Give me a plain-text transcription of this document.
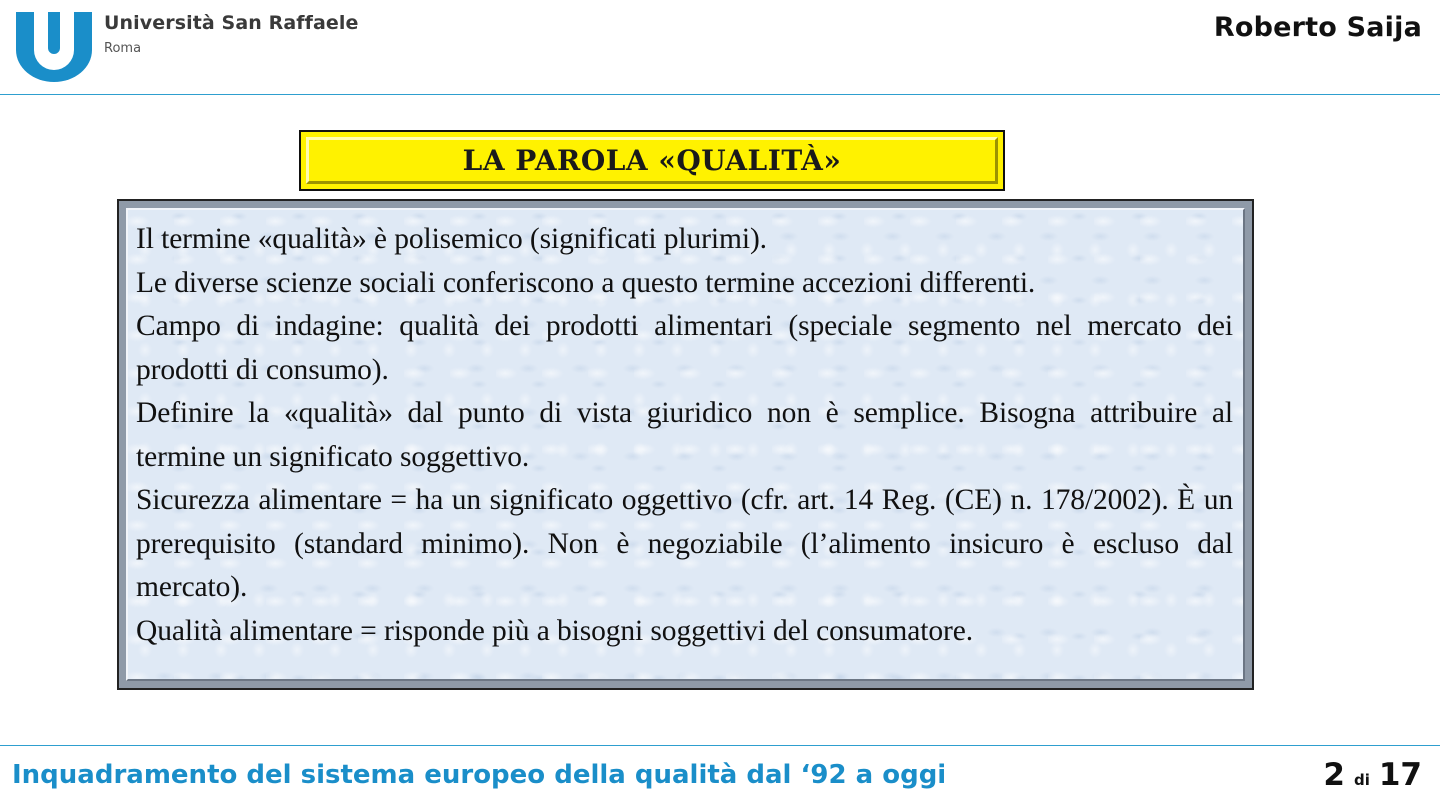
Università San Raffaele
Roma
Roberto Saija
LA PAROLA «QUALITÀ»

Il termine «qualità» è polisemico (significati plurimi).

Le diverse scienze sociali conferiscono a questo termine accezioni differenti.

Campo di indagine: qualità dei prodotti alimentari (speciale segmento nel mercato dei prodotti di consumo).

Definire la «qualità» dal punto di vista giuridico non è semplice. Bisogna attribuire al termine un significato soggettivo.

Sicurezza alimentare = ha un significato oggettivo (cfr. art. 14 Reg. (CE) n. 178/2002). È un prerequisito (standard minimo). Non è negoziabile (l’alimento insicuro è escluso dal mercato).

Qualità alimentare = risponde più a bisogni soggettivi del consumatore.

Inquadramento del sistema europeo della qualità dal ‘92 a oggi	2 di 17
